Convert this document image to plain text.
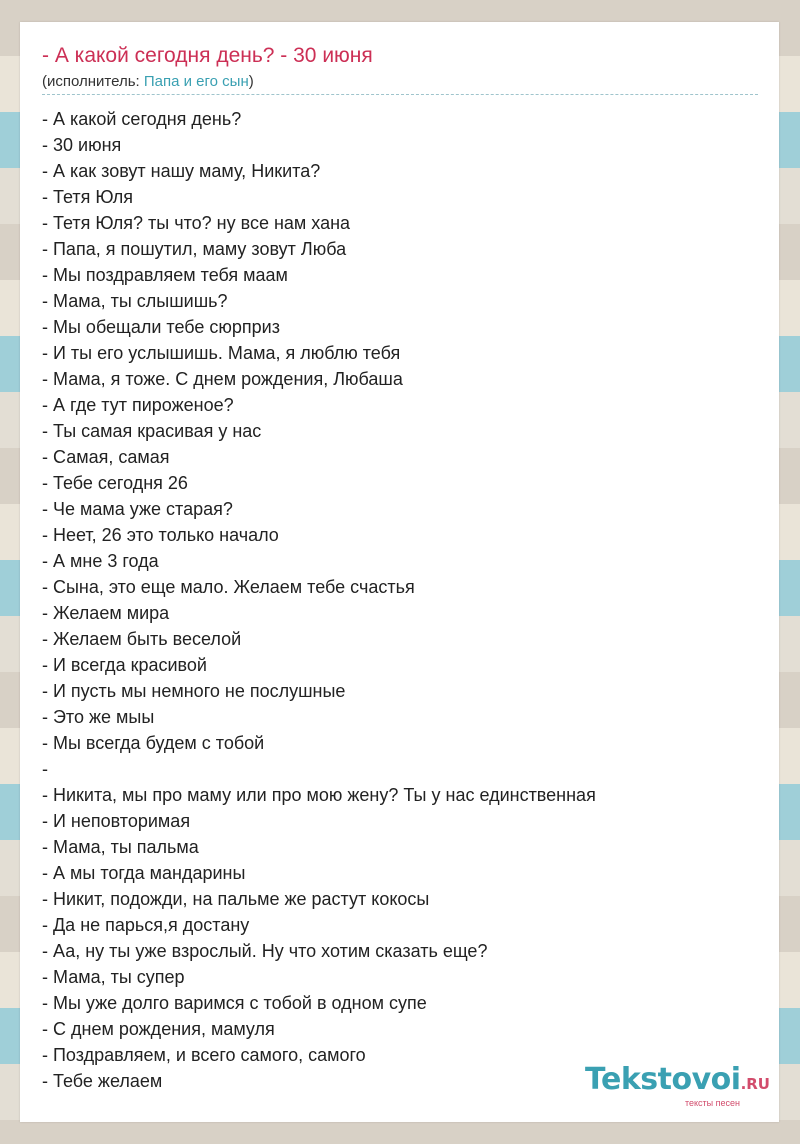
- А какой сегодня день? - 30 июня
(исполнитель: Папа и его сын)
- А какой сегодня день?
- 30 июня
- А как зовут нашу маму, Никита?
- Тетя Юля
- Тетя Юля? ты что? ну все нам хана
- Папа, я пошутил, маму зовут Люба
- Мы поздравляем тебя маам
- Мама, ты слышишь?
- Мы обещали тебе сюрприз
- И ты его услышишь. Мама, я люблю тебя
- Мама, я тоже. С днем рождения, Любаша
- А где тут пироженое?
- Ты самая красивая у нас
- Самая, самая
- Тебе сегодня 26
- Че мама уже старая?
- Неет, 26 это только начало
- А мне 3 года
- Сына, это еще мало. Желаем тебе счастья
- Желаем мира
- Желаем быть веселой
- И всегда красивой
- И пусть мы немного не послушные
- Это же мыы
- Мы всегда будем с тобой
-
- Никита, мы про маму или про мою жену? Ты у нас единственная
- И неповторимая
- Мама, ты пальма
- А мы тогда мандарины
- Никит, подожди, на пальме же растут кокосы
- Да не парься,я достану
- Аа, ну ты уже взрослый. Ну что хотим сказать еще?
- Мама, ты супер
- Мы уже долго варимся с тобой в одном супе
- С днем рождения, мамуля
- Поздравляем, и всего самого, самого
- Тебе желаем	Tekstovoi.RU
тексты песен
